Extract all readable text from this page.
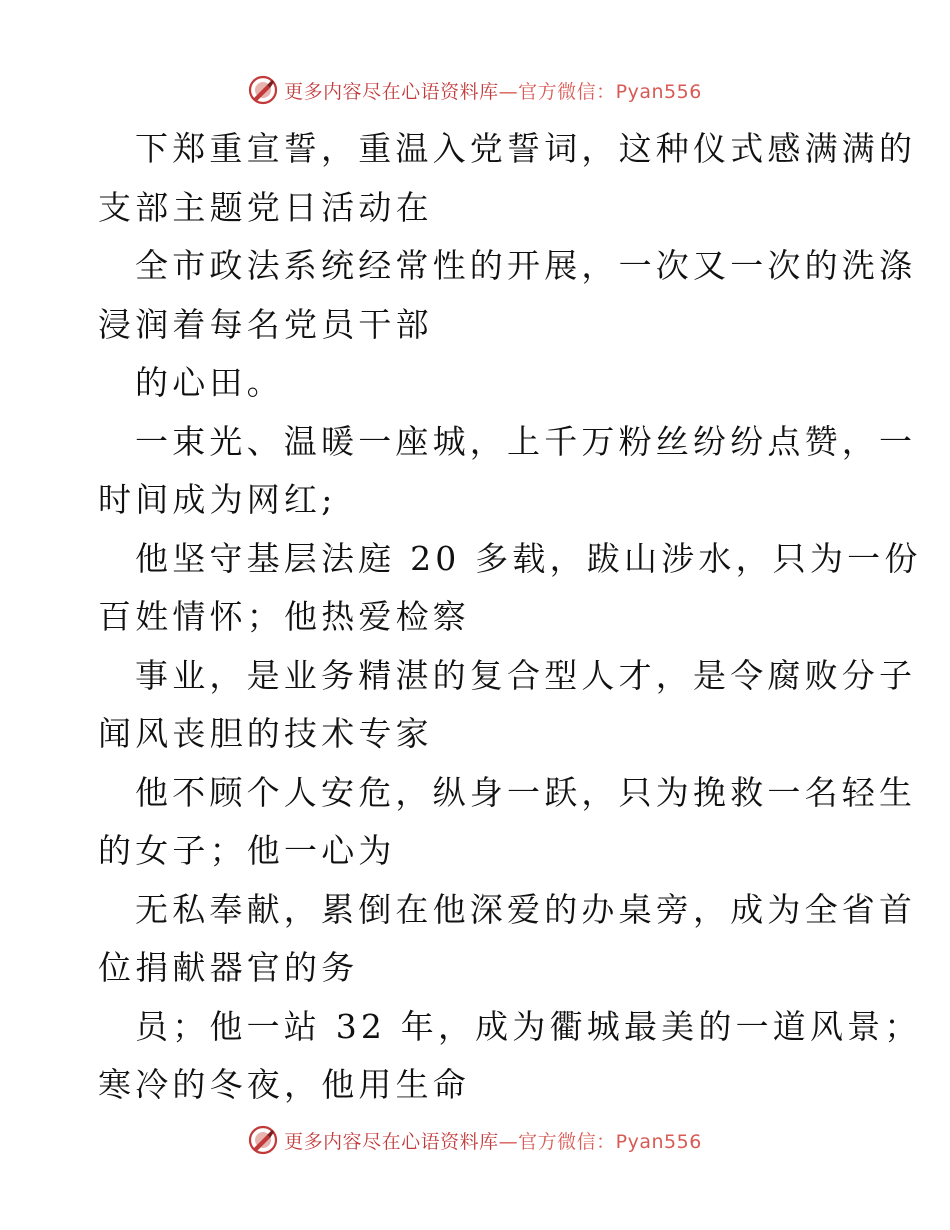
更多内容尽在心语资料库—官方微信：Pyan556
下郑重宣誓，重温入党誓词，这种仪式感满满的
支部主题党日活动在
全市政法系统经常性的开展，一次又一次的洗涤
浸润着每名党员干部
的心田。
一束光、温暖一座城，上千万粉丝纷纷点赞，一
时间成为网红;
他坚守基层法庭 20 多载，跋山涉水，只为一份
百姓情怀；他热爱检察
事业，是业务精湛的复合型人才，是令腐败分子
闻风丧胆的技术专家
他不顾个人安危，纵身一跃，只为挽救一名轻生
的女子；他一心为
无私奉献，累倒在他深爱的办桌旁，成为全省首
位捐献器官的务
员；他一站 32 年，成为衢城最美的一道风景；
寒冷的冬夜，他用生命
更多内容尽在心语资料库—官方微信：Pyan556
